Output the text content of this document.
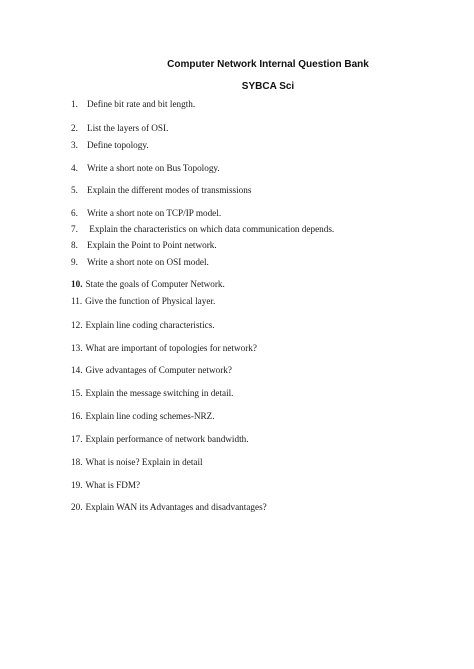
Computer Network Internal Question Bank
SYBCA Sci
1. Define bit rate and bit length.
2. List the layers of OSI.
3. Define topology.
4. Write a short note on Bus Topology.
5. Explain the different modes of transmissions
6. Write a short note on TCP/IP model.
7. Explain the characteristics on which data communication depends.
8. Explain the Point to Point network.
9. Write a short note on OSI model.
10. State the goals of Computer Network.
11. Give the function of Physical layer.
12. Explain line coding characteristics.
13. What are important of topologies for network?
14. Give advantages of Computer network?
15. Explain the message switching in detail.
16. Explain line coding schemes-NRZ.
17. Explain performance of network bandwidth.
18. What is noise? Explain in detail
19. What is FDM?
20. Explain WAN its Advantages and disadvantages?
